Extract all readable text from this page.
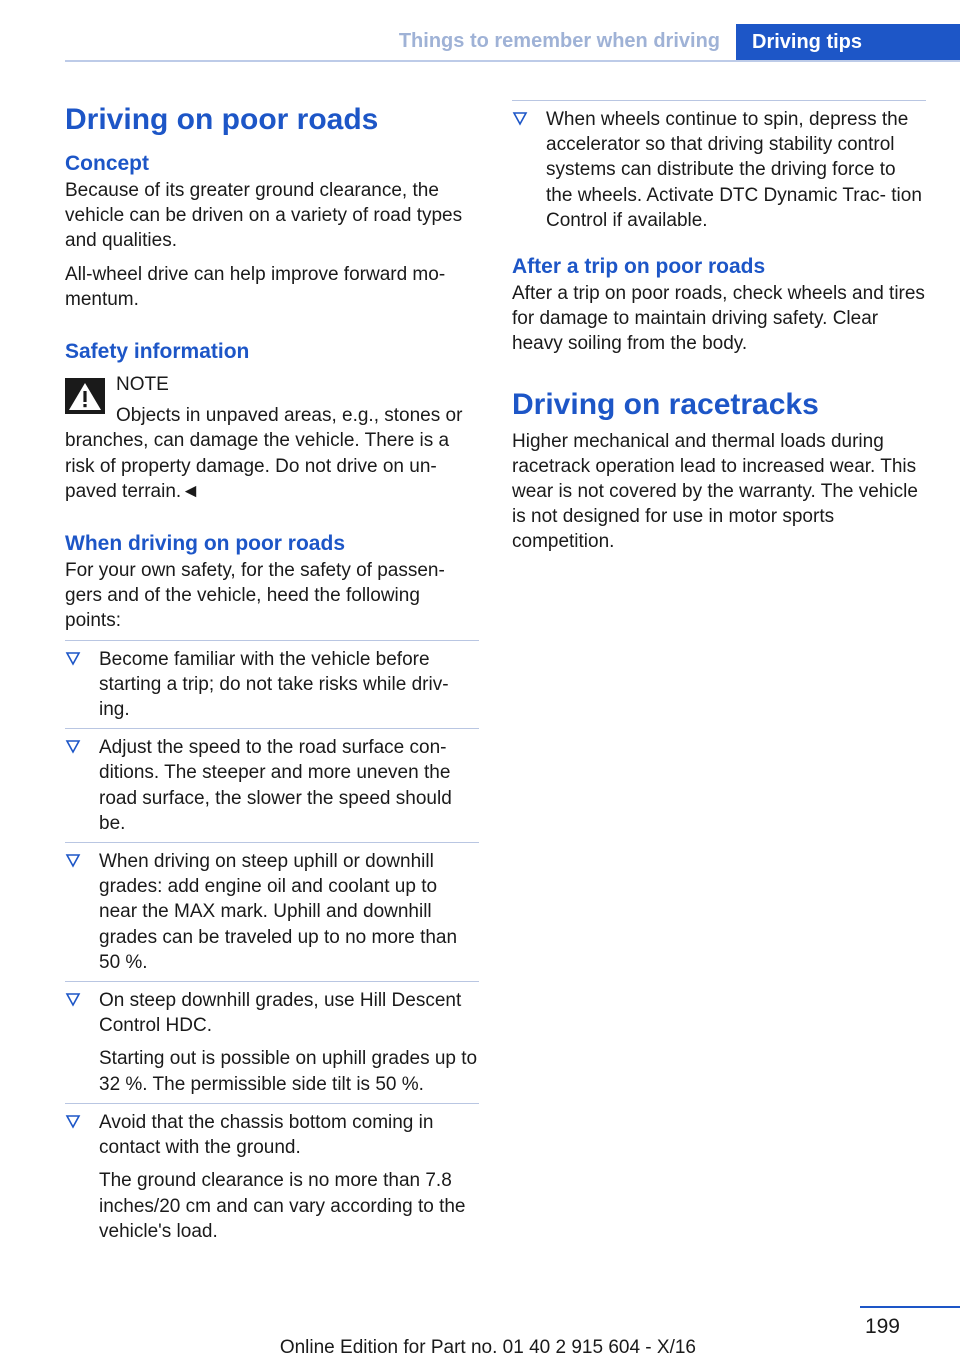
Things to remember when driving	Driving tips
Driving on poor roads
Concept

Because of its greater ground clearance, the vehicle can be driven on a variety of road types and qualities.

All-wheel drive can help improve forward mo‐ mentum.

Safety information

NOTE

Objects in unpaved areas, e.g., stones or branches, can damage the vehicle. There is a risk of property damage. Do not drive on un‐ paved terrain.◄

When driving on poor roads

For your own safety, for the safety of passen‐ gers and of the vehicle, heed the following points:

Become familiar with the vehicle before starting a trip; do not take risks while driv‐ ing.

Adjust the speed to the road surface con‐ ditions. The steeper and more uneven the road surface, the slower the speed should be.

When driving on steep uphill or downhill grades: add engine oil and coolant up to near the MAX mark. Uphill and downhill grades can be traveled up to no more than 50 %.

On steep downhill grades, use Hill Descent Control HDC.

Starting out is possible on uphill grades up to 32 %. The permissible side tilt is 50 %.

Avoid that the chassis bottom coming in contact with the ground.

The ground clearance is no more than 7.8 inches/20 cm and can vary according to the vehicle's load.

When wheels continue to spin, depress the accelerator so that driving stability control systems can distribute the driving force to the wheels. Activate DTC Dynamic Trac‐ tion Control if available.

After a trip on poor roads

After a trip on poor roads, check wheels and tires for damage to maintain driving safety. Clear heavy soiling from the body.

Driving on racetracks

Higher mechanical and thermal loads during racetrack operation lead to increased wear. This wear is not covered by the warranty. The vehicle is not designed for use in motor sports competition.

199
Online Edition for Part no. 01 40 2 915 604 - X/16
